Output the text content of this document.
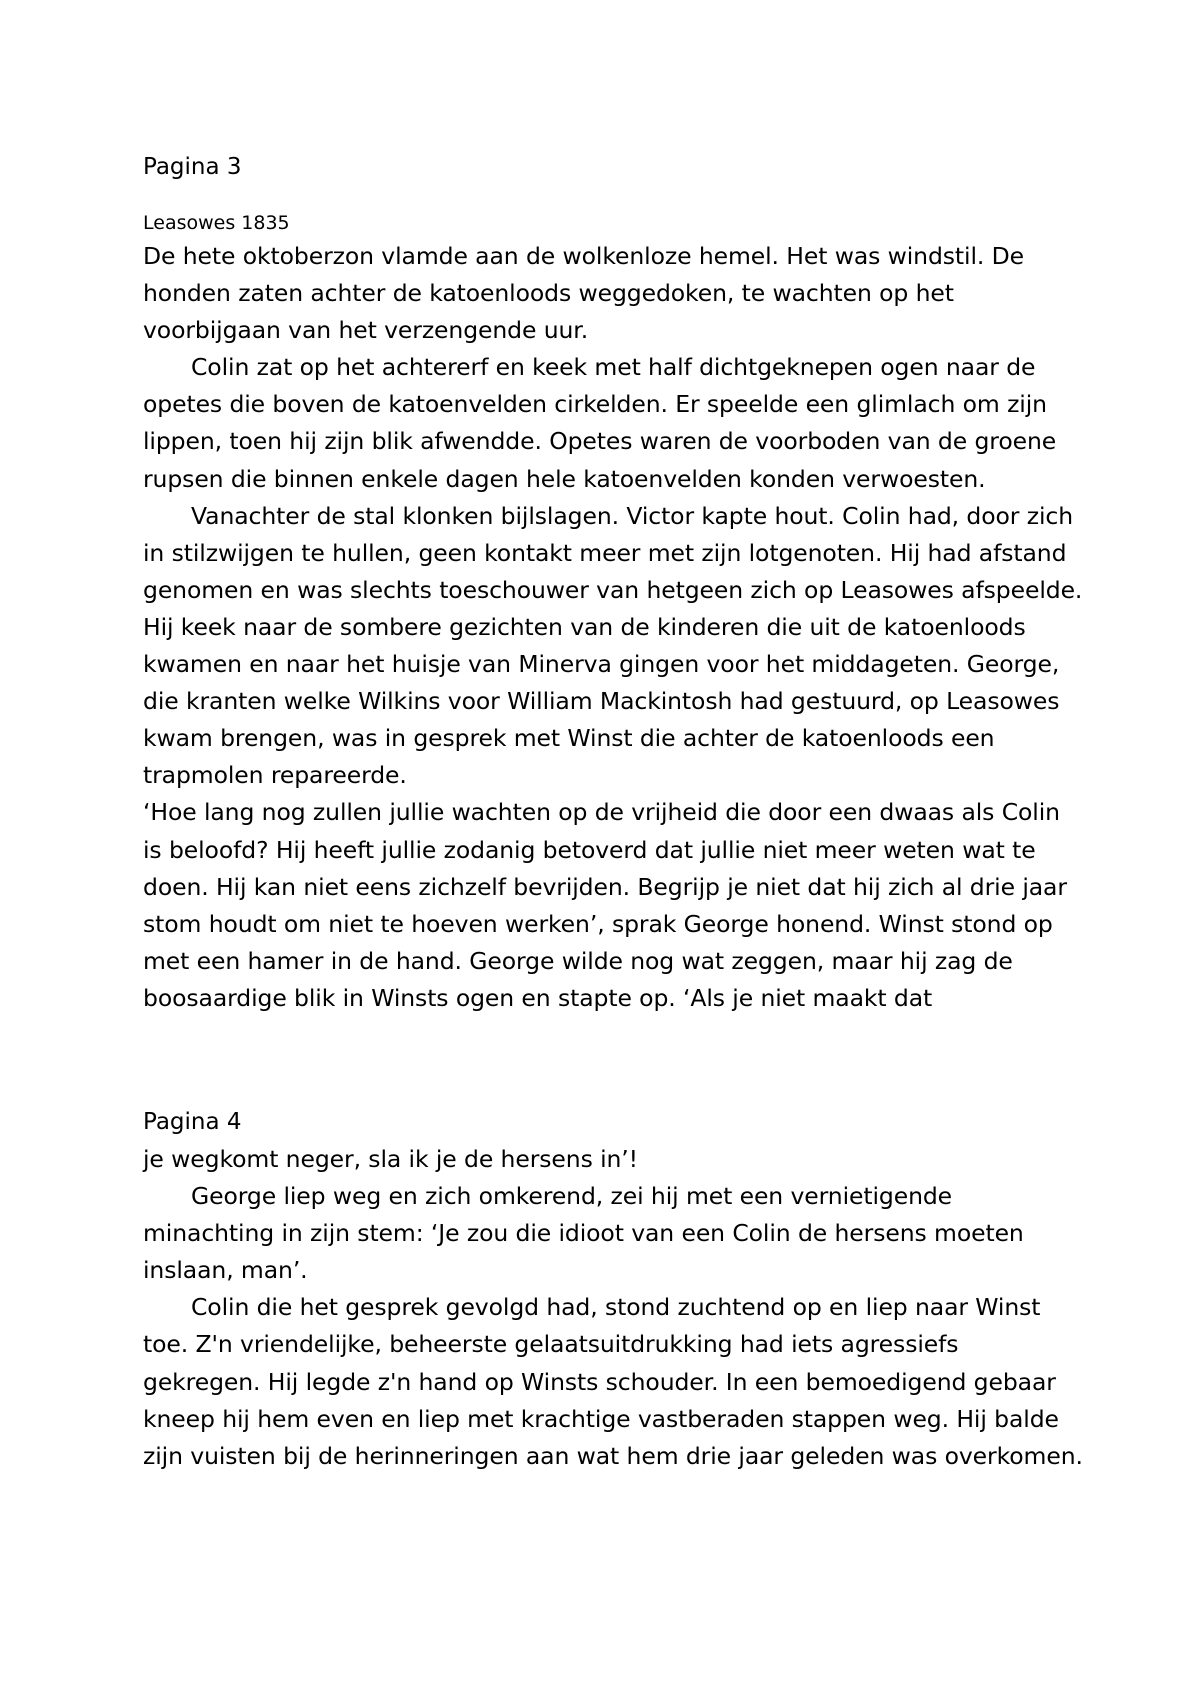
Pagina 3
Leasowes 1835

De hete oktoberzon vlamde aan de wolkenloze hemel. Het was windstil. De honden zaten achter de katoenloods weggedoken, te wachten op het voorbijgaan van het verzengende uur.

Colin zat op het achtererf en keek met half dichtgeknepen ogen naar de opetes die boven de katoenvelden cirkelden. Er speelde een glimlach om zijn lippen, toen hij zijn blik afwendde. Opetes waren de voorboden van de groene rupsen die binnen enkele dagen hele katoenvelden konden verwoesten.

Vanachter de stal klonken bijlslagen. Victor kapte hout. Colin had, door zich in stilzwijgen te hullen, geen kontakt meer met zijn lotgenoten. Hij had afstand genomen en was slechts toeschouwer van hetgeen zich op Leasowes afspeelde. Hij keek naar de sombere gezichten van de kinderen die uit de katoenloods kwamen en naar het huisje van Minerva gingen voor het middageten. George, die kranten welke Wilkins voor William Mackintosh had gestuurd, op Leasowes kwam brengen, was in gesprek met Winst die achter de katoenloods een trapmolen repareerde.

‘Hoe lang nog zullen jullie wachten op de vrijheid die door een dwaas als Colin is beloofd? Hij heeft jullie zodanig betoverd dat jullie niet meer weten wat te doen. Hij kan niet eens zichzelf bevrijden. Begrijp je niet dat hij zich al drie jaar stom houdt om niet te hoeven werken’, sprak George honend. Winst stond op met een hamer in de hand. George wilde nog wat zeggen, maar hij zag de boosaardige blik in Winsts ogen en stapte op. ‘Als je niet maakt dat

Pagina 4

je wegkomt neger, sla ik je de hersens in’!

George liep weg en zich omkerend, zei hij met een vernietigende minachting in zijn stem: ‘Je zou die idioot van een Colin de hersens moeten inslaan, man’.

Colin die het gesprek gevolgd had, stond zuchtend op en liep naar Winst toe. Z'n vriendelijke, beheerste gelaatsuitdrukking had iets agressiefs gekregen. Hij legde z'n hand op Winsts schouder. In een bemoedigend gebaar kneep hij hem even en liep met krachtige vastberaden stappen weg. Hij balde zijn vuisten bij de herinneringen aan wat hem drie jaar geleden was overkomen.
